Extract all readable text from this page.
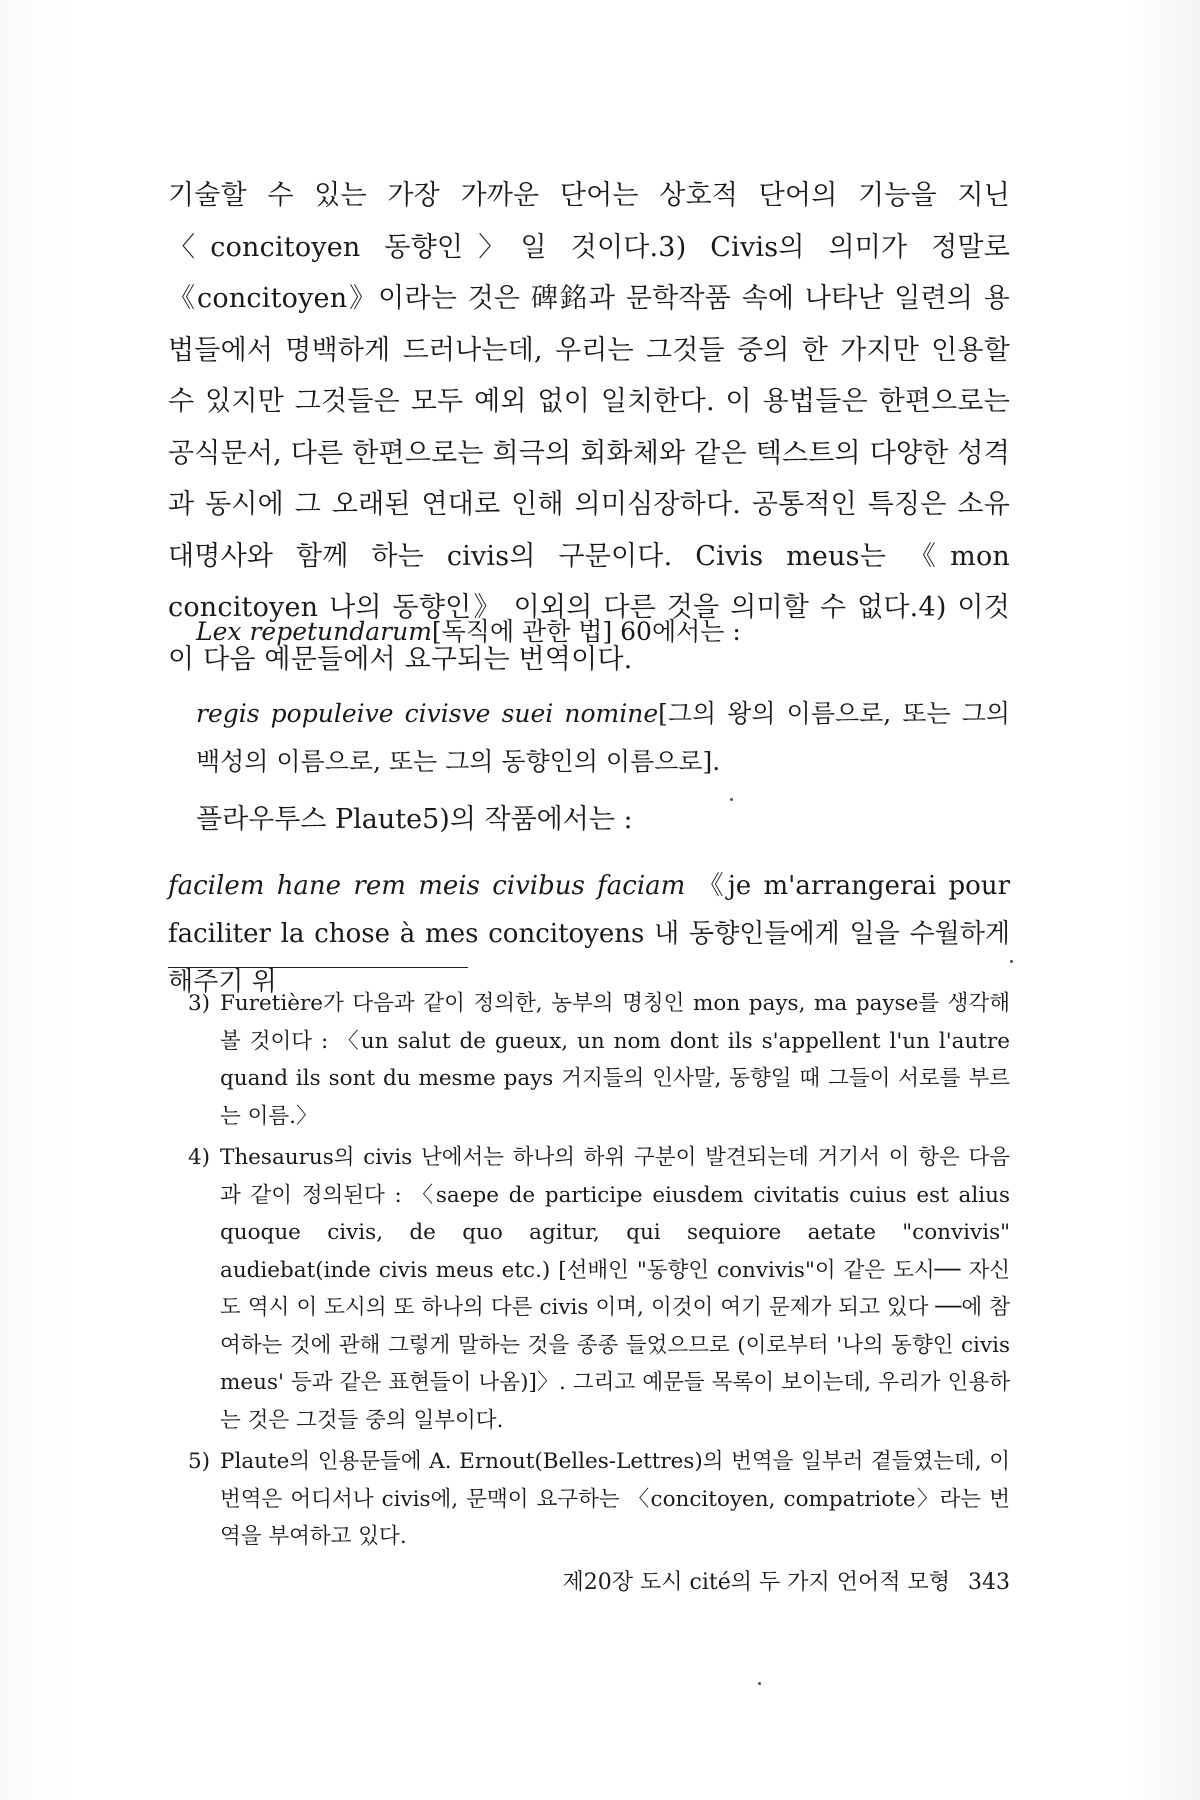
기술할 수 있는 가장 가까운 단어는 상호적 단어의 기능을 지닌 〈concitoyen 동향인〉일 것이다.3) Civis의 의미가 정말로 《concitoyen》이라는 것은 碑銘과 문학작품 속에 나타난 일련의 용법들에서 명백하게 드러나는데, 우리는 그것들 중의 한 가지만 인용할 수 있지만 그것들은 모두 예외 없이 일치한다. 이 용법들은 한편으로는 공식문서, 다른 한편으로는 희극의 회화체와 같은 텍스트의 다양한 성격과 동시에 그 오래된 연대로 인해 의미심장하다. 공통적인 특징은 소유대명사와 함께 하는 civis의 구문이다. Civis meus는 《mon concitoyen 나의 동향인》 이외의 다른 것을 의미할 수 없다.4) 이것이 다음 예문들에서 요구되는 번역이다.

Lex repetundarum[독직에 관한 법] 60에서는 :
regis populeive civisve suei nomine[그의 왕의 이름으로, 또는 그의 백성의 이름으로, 또는 그의 동향인의 이름으로].
플라우투스 Plaute5)의 작품에서는 :
facilem hane rem meis civibus faciam 《je m'arrangerai pour faciliter la chose à mes concitoyens 내 동향인들에게 일을 수월하게 해주기 위
3) Furetière가 다음과 같이 정의한, 농부의 명칭인 mon pays, ma payse를 생각해 볼 것이다 : 〈un salut de gueux, un nom dont ils s'appellent l'un l'autre quand ils sont du mesme pays 거지들의 인사말, 동향일 때 그들이 서로를 부르는 이름.〉
4) Thesaurus의 civis 난에서는 하나의 하위 구분이 발견되는데 거기서 이 항은 다음과 같이 정의된다 : 〈saepe de participe eiusdem civitatis cuius est alius quoque civis, de quo agitur, qui sequiore aetate "convivis" audiebat(inde civis meus etc.) [선배인 "동향인 convivis"이 같은 도시── 자신도 역시 이 도시의 또 하나의 다른 civis 이며, 이것이 여기 문제가 되고 있다 ──에 참여하는 것에 관해 그렇게 말하는 것을 종종 들었으므로 (이로부터 '나의 동향인 civis meus' 등과 같은 표현들이 나옴)]〉. 그리고 예문들 목록이 보이는데, 우리가 인용하는 것은 그것들 중의 일부이다.
5) Plaute의 인용문들에 A. Ernout(Belles-Lettres)의 번역을 일부러 곁들였는데, 이 번역은 어디서나 civis에, 문맥이 요구하는 〈concitoyen, compatriote〉라는 번역을 부여하고 있다.
제20장 도시 cité의 두 가지 언어적 모형 343
